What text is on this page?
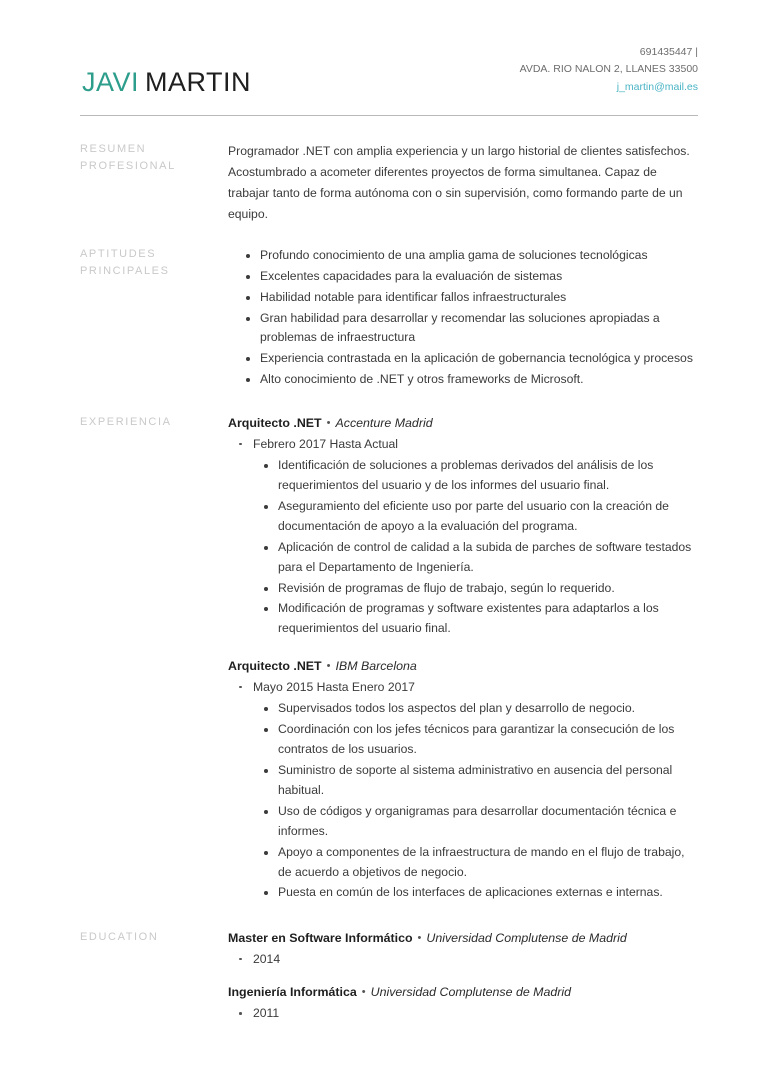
JAVI MARTIN
691435447 |
AVDA. RIO NALON 2, LLANES 33500
j_martin@mail.es
RESUMEN
PROFESIONAL
Programador .NET con amplia experiencia y un largo historial de clientes satisfechos. Acostumbrado a acometer diferentes proyectos de forma simultanea. Capaz de trabajar tanto de forma autónoma con o sin supervisión, como formando parte de un equipo.
APTITUDES
PRINCIPALES
Profundo conocimiento de una amplia gama de soluciones tecnológicas
Excelentes capacidades para la evaluación de sistemas
Habilidad notable para identificar fallos infraestructurales
Gran habilidad para desarrollar y recomendar las soluciones apropiadas a problemas de infraestructura
Experiencia contrastada en la aplicación de gobernancia tecnológica y procesos
Alto conocimiento de .NET y otros frameworks de Microsoft.
EXPERIENCIA	Arquitecto .NET • Accenture Madrid
Febrero 2017 Hasta Actual
Identificación de soluciones a problemas derivados del análisis de los requerimientos del usuario y de los informes del usuario final.
Aseguramiento del eficiente uso por parte del usuario con la creación de documentación de apoyo a la evaluación del programa.
Aplicación de control de calidad a la subida de parches de software testados para el Departamento de Ingeniería.
Revisión de programas de flujo de trabajo, según lo requerido.
Modificación de programas y software existentes para adaptarlos a los requerimientos del usuario final.
Arquitecto .NET • IBM Barcelona
Mayo 2015 Hasta Enero 2017
Supervisados todos los aspectos del plan y desarrollo de negocio.
Coordinación con los jefes técnicos para garantizar la consecución de los contratos de los usuarios.
Suministro de soporte al sistema administrativo en ausencia del personal habitual.
Uso de códigos y organigramas para desarrollar documentación técnica e informes.
Apoyo a componentes de la infraestructura de mando en el flujo de trabajo, de acuerdo a objetivos de negocio.
Puesta en común de los interfaces de aplicaciones externas e internas.
EDUCATION	Master en Software Informático • Universidad Complutense de Madrid
2014
Ingeniería Informática • Universidad Complutense de Madrid
2011
